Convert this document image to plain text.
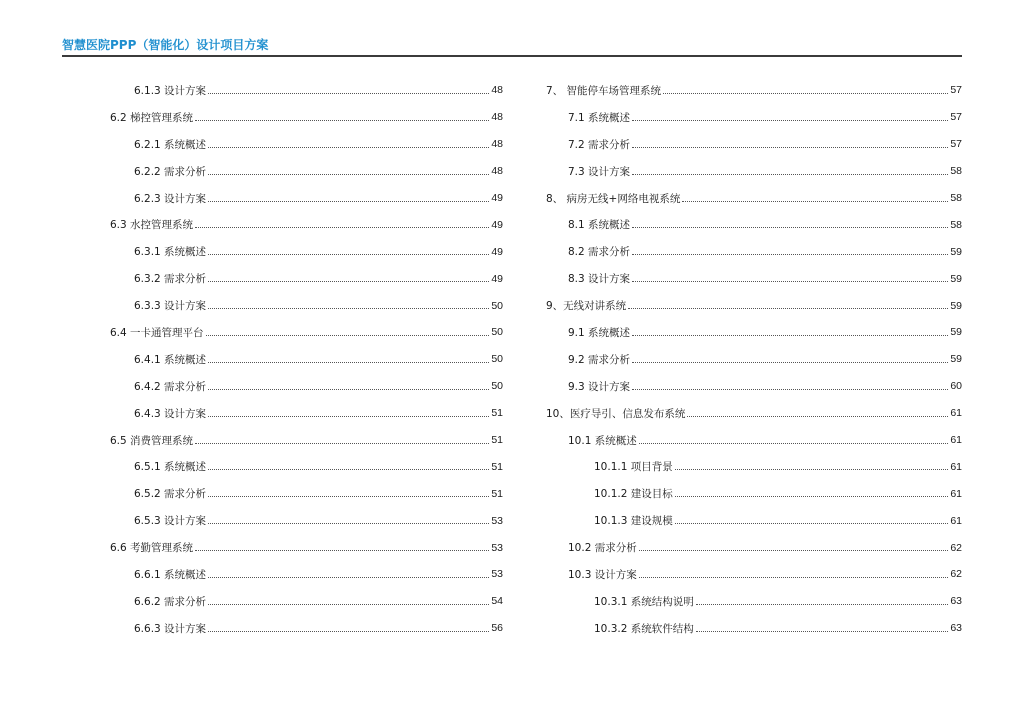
智慧医院PPP（智能化）设计项目方案
6.1.3 设计方案	48
6.2 梯控管理系统	48
6.2.1 系统概述	48
6.2.2 需求分析	48
6.2.3 设计方案	49
6.3 水控管理系统	49
6.3.1 系统概述	49
6.3.2 需求分析	49
6.3.3 设计方案	50
6.4 一卡通管理平台	50
6.4.1 系统概述	50
6.4.2 需求分析	50
6.4.3 设计方案	51
6.5 消费管理系统	51
6.5.1 系统概述	51
6.5.2 需求分析	51
6.5.3 设计方案	53
6.6 考勤管理系统	53
6.6.1 系统概述	53
6.6.2 需求分析	54
6.6.3 设计方案	56
7、 智能停车场管理系统	57
7.1 系统概述	57
7.2 需求分析	57
7.3 设计方案	58
8、 病房无线+网络电视系统	58
8.1 系统概述	58
8.2 需求分析	59
8.3 设计方案	59
9、无线对讲系统	59
9.1 系统概述	59
9.2 需求分析	59
9.3 设计方案	60
10、医疗导引、信息发布系统	61
10.1 系统概述	61
10.1.1 项目背景	61
10.1.2 建设目标	61
10.1.3 建设规模	61
10.2 需求分析	62
10.3 设计方案	62
10.3.1 系统结构说明	63
10.3.2 系统软件结构	63
